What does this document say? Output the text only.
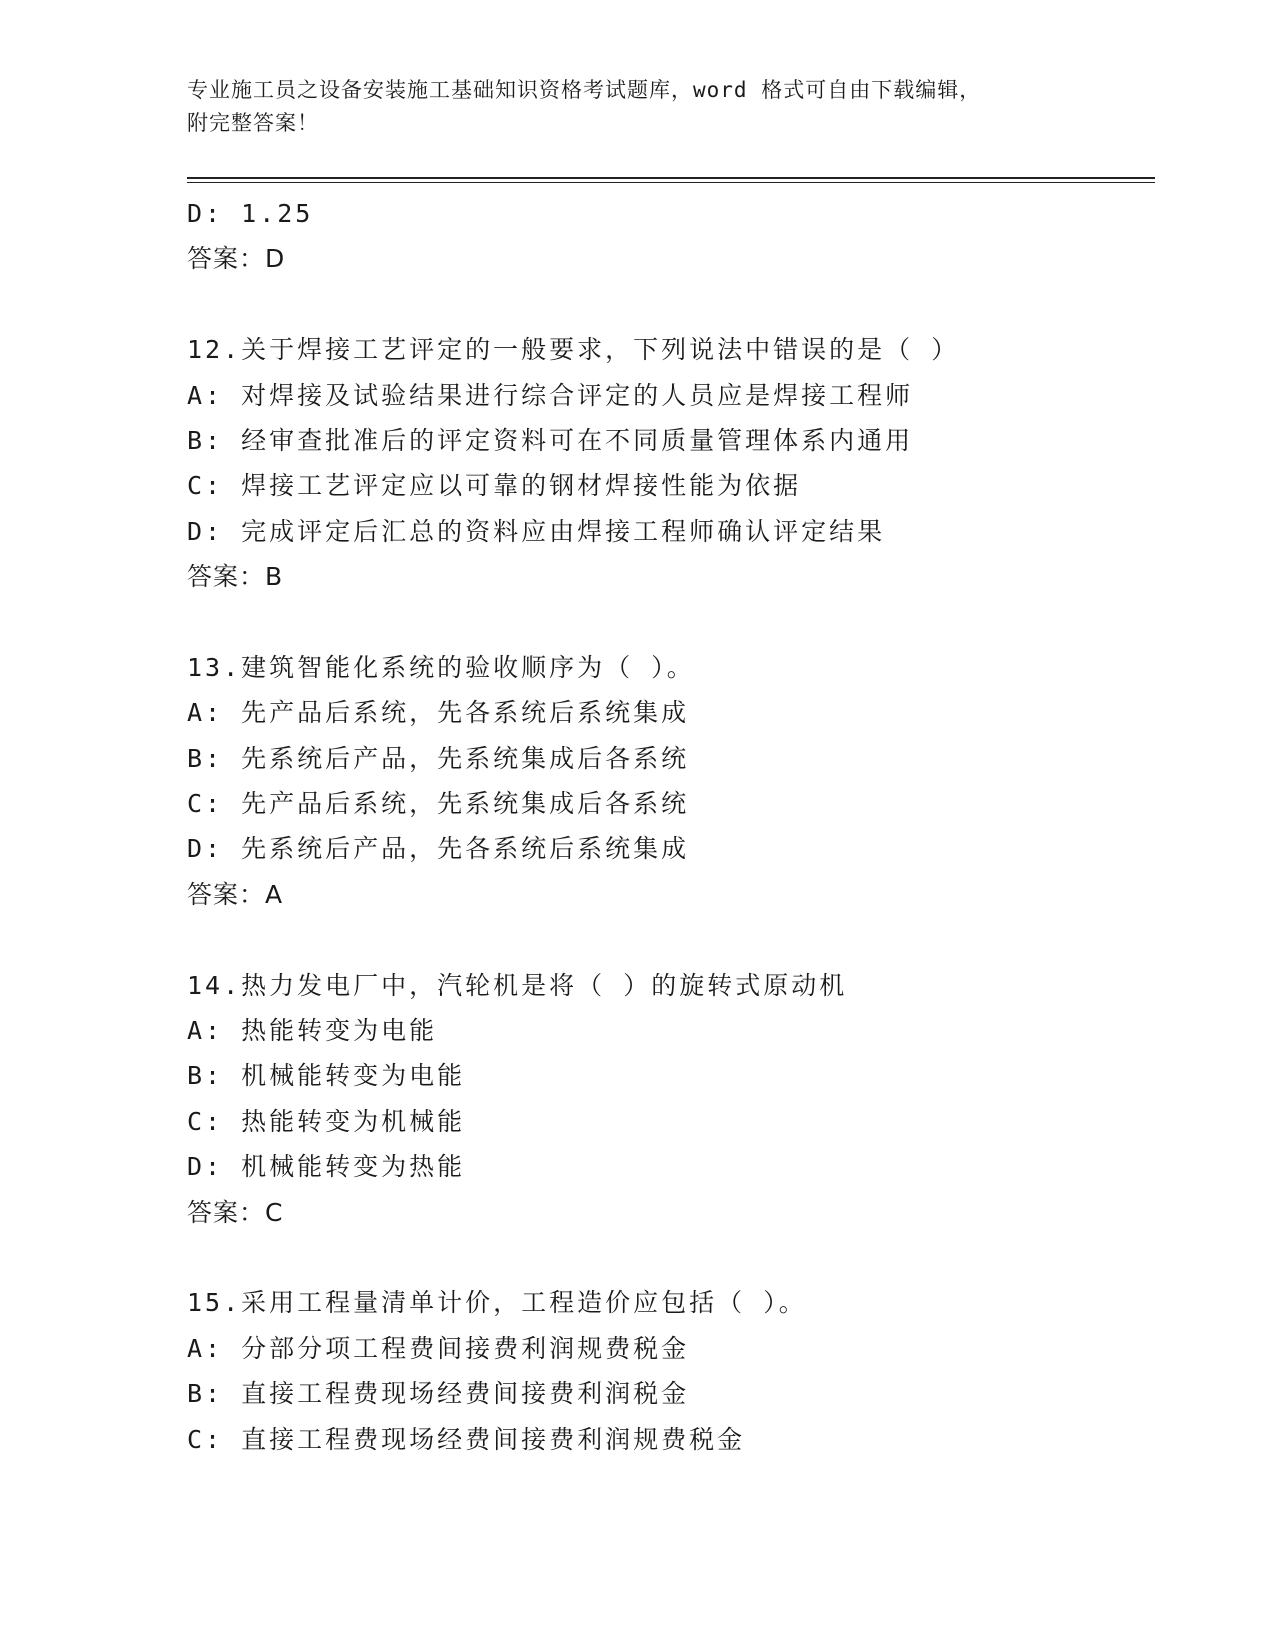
专业施工员之设备安装施工基础知识资格考试题库，word 格式可自由下载编辑，
附完整答案！
D: 1.25
答案：D
12.关于焊接工艺评定的一般要求，下列说法中错误的是（ ）
A: 对焊接及试验结果进行综合评定的人员应是焊接工程师
B: 经审查批准后的评定资料可在不同质量管理体系内通用
C: 焊接工艺评定应以可靠的钢材焊接性能为依据
D: 完成评定后汇总的资料应由焊接工程师确认评定结果
答案：B
13.建筑智能化系统的验收顺序为（ ）。
A: 先产品后系统，先各系统后系统集成
B: 先系统后产品，先系统集成后各系统
C: 先产品后系统，先系统集成后各系统
D: 先系统后产品，先各系统后系统集成
答案：A
14.热力发电厂中，汽轮机是将（ ）的旋转式原动机
A: 热能转变为电能
B: 机械能转变为电能
C: 热能转变为机械能
D: 机械能转变为热能
答案：C
15.采用工程量清单计价，工程造价应包括（ ）。
A: 分部分项工程费间接费利润规费税金
B: 直接工程费现场经费间接费利润税金
C: 直接工程费现场经费间接费利润规费税金
